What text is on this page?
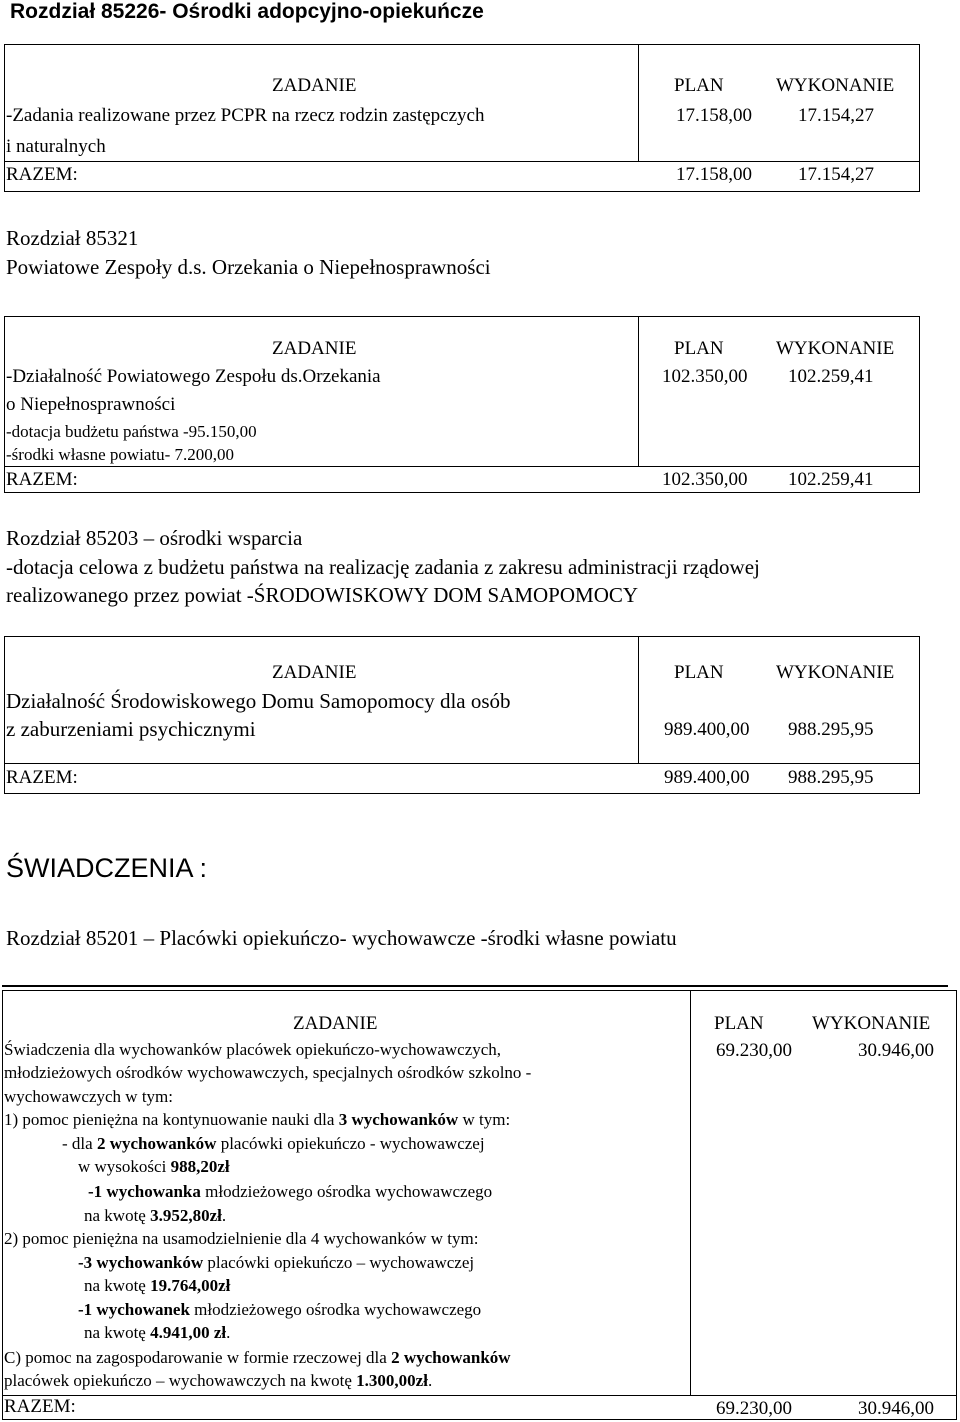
Rozdział 85226- Ośrodki adopcyjno-opiekuńcze
ZADANIE	PLAN	WYKONANIE
-Zadania realizowane przez PCPR na rzecz rodzin zastępczych
i naturalnych
17.158,00 17.154,27
RAZEM:	17.158,00 17.154,27
Rozdział 85321
Powiatowe Zespoły d.s. Orzekania o Niepełnosprawności
ZADANIE	PLAN	WYKONANIE
-Działalność Powiatowego Zespołu ds.Orzekania
o Niepełnosprawności
-dotacja budżetu państwa -95.150,00
-środki własne powiatu- 7.200,00
102.350,00 102.259,41
RAZEM:	102.350,00 102.259,41
Rozdział 85203 – ośrodki wsparcia
-dotacja celowa z budżetu państwa na realizację zadania z zakresu administracji rządowej
realizowanego przez powiat -ŚRODOWISKOWY DOM SAMOPOMOCY
ZADANIE	PLAN	WYKONANIE
Działalność Środowiskowego Domu Samopomocy dla osób
z zaburzeniami psychicznymi	989.400,00 988.295,95
RAZEM:	989.400,00 988.295,95
ŚWIADCZENIA :
Rozdział 85201 – Placówki opiekuńczo- wychowawcze -środki własne powiatu
ZADANIE	PLAN	WYKONANIE
Świadczenia dla wychowanków placówek opiekuńczo-wychowawczych,
młodzieżowych ośrodków wychowawczych, specjalnych ośrodków szkolno -
wychowawczych w tym:
1) pomoc pieniężna na kontynuowanie nauki dla 3 wychowanków w tym:
- dla 2 wychowanków placówki opiekuńczo - wychowawczej
w wysokości 988,20zł
-1 wychowanka młodzieżowego ośrodka wychowawczego
na kwotę 3.952,80zł.
2) pomoc pieniężna na usamodzielnienie dla 4 wychowanków w tym:
-3 wychowanków placówki opiekuńczo – wychowawczej
na kwotę 19.764,00zł
-1 wychowanek młodzieżowego ośrodka wychowawczego
na kwotę 4.941,00 zł.
C) pomoc na zagospodarowanie w formie rzeczowej dla 2 wychowanków
placówek opiekuńczo – wychowawczych na kwotę 1.300,00zł.
69.230,00	30.946,00
RAZEM:	69.230,00	30.946,00
